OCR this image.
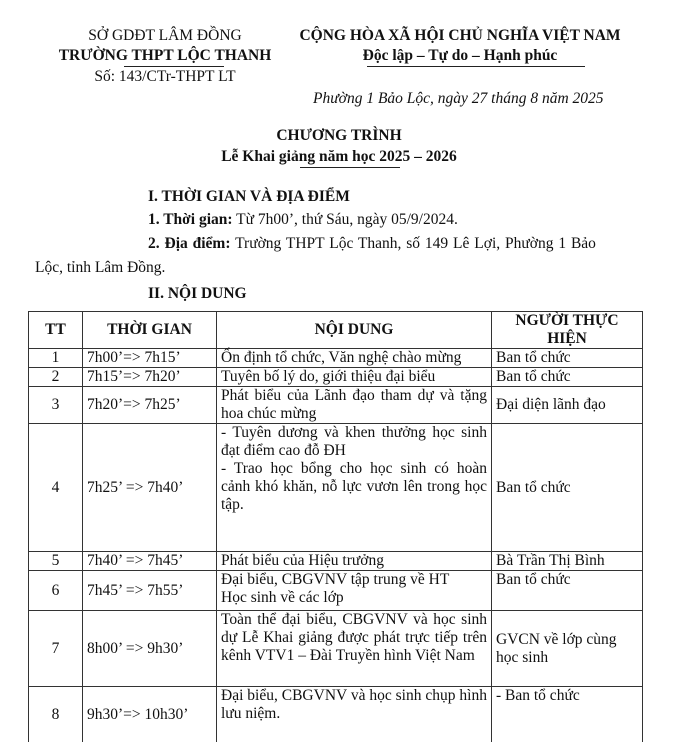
SỞ GDĐT LÂM ĐỒNG
TRƯỜNG THPT LỘC THANH
Số: 143/CTr-THPT LT
CỘNG HÒA XÃ HỘI CHỦ NGHĨA VIỆT NAM
Độc lập – Tự do – Hạnh phúc
Phường 1 Bảo Lộc, ngày 27 tháng 8 năm 2025
CHƯƠNG TRÌNH
Lễ Khai giảng năm học 2025 – 2026
I. THỜI GIAN VÀ ĐỊA ĐIỂM
1. Thời gian: Từ 7h00’, thứ Sáu, ngày 05/9/2024.
2. Địa điểm: Trường THPT Lộc Thanh, số 149 Lê Lợi, Phường 1 Bảo
Lộc, tỉnh Lâm Đồng.
II. NỘI DUNG
TT	THỜI GIAN	NỘI DUNG	NGƯỜI THỰC HIỆN
1	7h00’=> 7h15’	Ổn định tổ chức, Văn nghệ chào mừng	Ban tổ chức
2	7h15’=> 7h20’	Tuyên bố lý do, giới thiệu đại biểu	Ban tổ chức
3	7h20’=> 7h25’	Phát biểu của Lãnh đạo tham dự và tặng hoa chúc mừng	Đại diện lãnh đạo
4	7h25’ => 7h40’	- Tuyên dương và khen thưởng học sinh đạt điểm cao đỗ ĐH
- Trao học bổng cho học sinh có hoàn cảnh khó khăn, nỗ lực vươn lên trong học tập.	Ban tổ chức
5	7h40’ => 7h45’	Phát biểu của Hiệu trưởng	Bà Trần Thị Bình
6	7h45’ => 7h55’	Đại biểu, CBGVNV tập trung về HT
Học sinh về các lớp	Ban tổ chức
7	8h00’ => 9h30’	Toàn thể đại biểu, CBGVNV và học sinh dự Lễ Khai giảng được phát trực tiếp trên kênh VTV1 – Đài Truyền hình Việt Nam	GVCN về lớp cùng học sinh
8	9h30’=> 10h30’	Đại biểu, CBGVNV và học sinh chụp hình lưu niệm.	- Ban tổ chức
